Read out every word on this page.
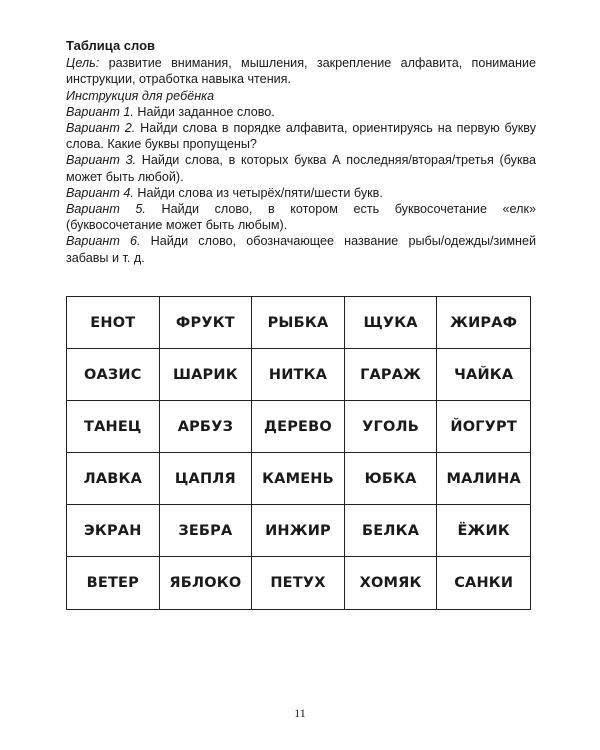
Таблица слов
Цель: развитие внимания, мышления, закрепление алфавита, понимание инструкции, отработка навыка чтения.
Инструкция для ребёнка
Вариант 1. Найди заданное слово.
Вариант 2. Найди слова в порядке алфавита, ориентируясь на первую букву слова. Какие буквы пропущены?
Вариант 3. Найди слова, в которых буква А последняя/вторая/третья (буква может быть любой).
Вариант 4. Найди слова из четырёх/пяти/шести букв.
Вариант 5. Найди слово, в котором есть буквосочетание «елк» (буквосочетание может быть любым).
Вариант 6. Найди слово, обозначающее название рыбы/одежды/зимней забавы и т. д.
ЕНОТ	ФРУКТ	РЫБКА	ЩУКА	ЖИРАФ
ОАЗИС	ШАРИК	НИТКА	ГАРАЖ	ЧАЙКА
ТАНЕЦ	АРБУЗ	ДЕРЕВО	УГОЛЬ	ЙОГУРТ
ЛАВКА	ЦАПЛЯ	КАМЕНЬ	ЮБКА	МАЛИНА
ЭКРАН	ЗЕБРА	ИНЖИР	БЕЛКА	ЁЖИК
ВЕТЕР	ЯБЛОКО	ПЕТУХ	ХОМЯК	САНКИ
11
